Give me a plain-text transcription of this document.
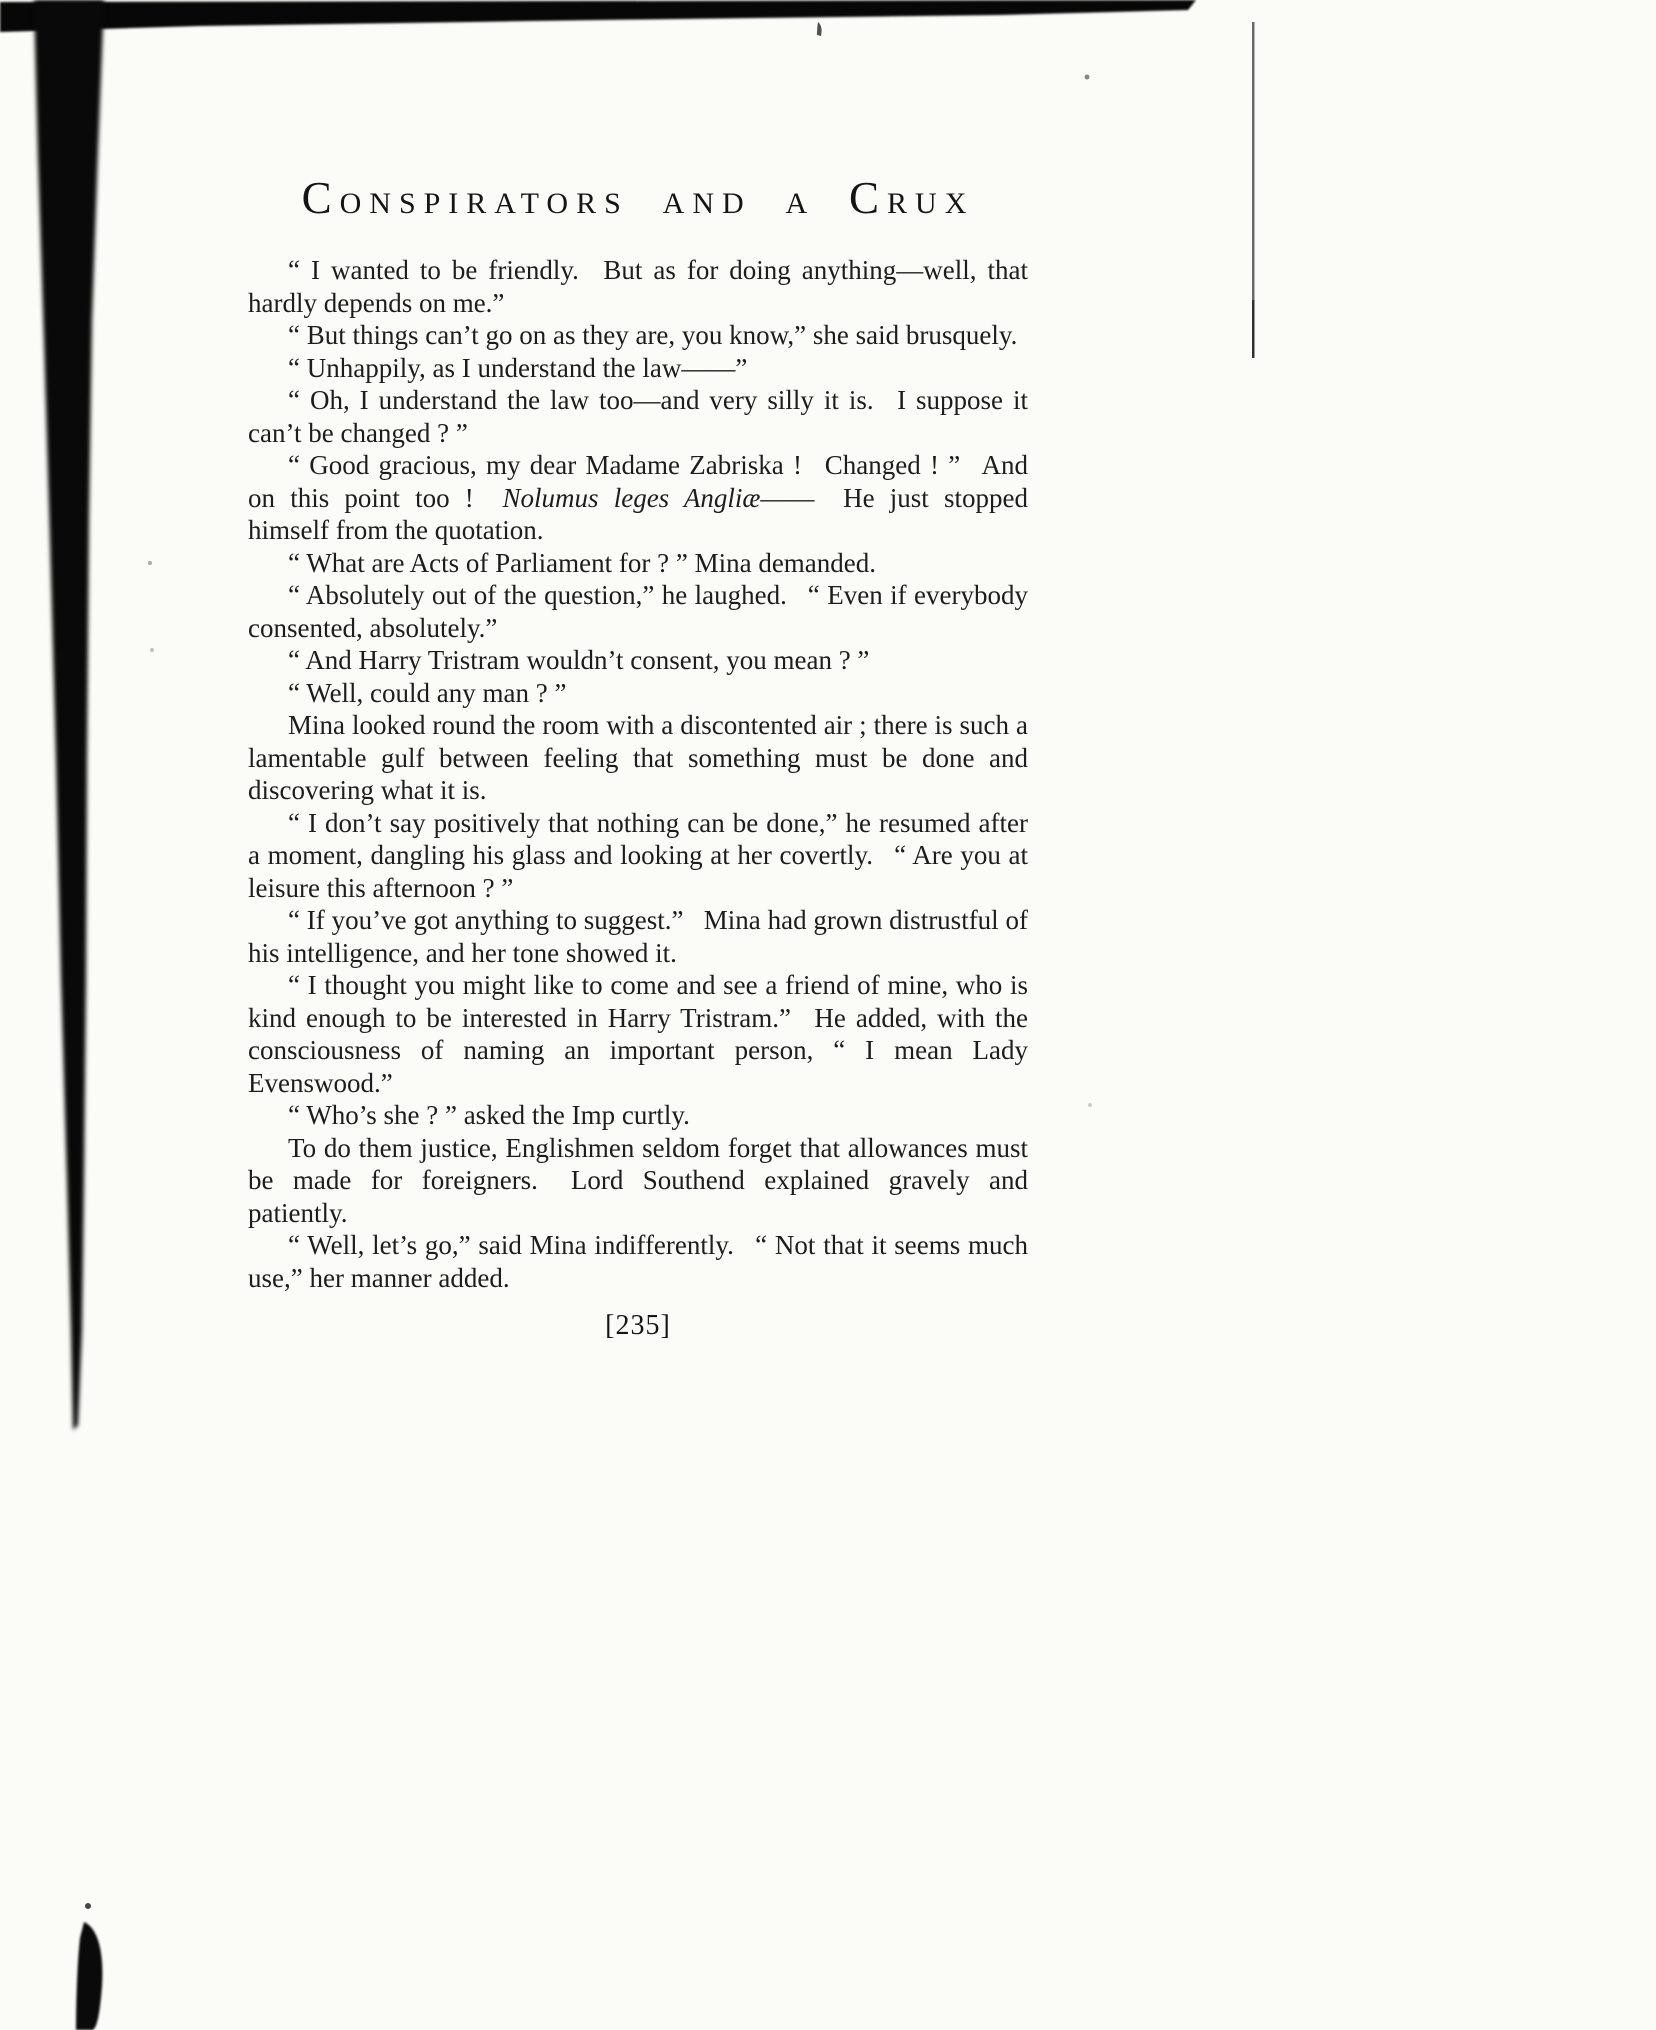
CONSPIRATORS AND A CRUX

“ I wanted to be friendly.  But as for doing anything—well, that hardly depends on me.”

“ But things can’t go on as they are, you know,” she said brusquely.

“ Unhappily, as I understand the law——”

“ Oh, I understand the law too—and very silly it is.  I suppose it can’t be changed ? ”

“ Good gracious, my dear Madame Zabriska !  Changed ! ”  And on this point too !  Nolumus leges Angliæ——  He just stopped himself from the quotation.

“ What are Acts of Parliament for ? ” Mina demanded.

“ Absolutely out of the question,” he laughed.  “ Even if everybody consented, absolutely.”

“ And Harry Tristram wouldn’t consent, you mean ? ”

“ Well, could any man ? ”

Mina looked round the room with a discontented air ; there is such a lamentable gulf between feeling that something must be done and discovering what it is.

“ I don’t say positively that nothing can be done,” he resumed after a moment, dangling his glass and looking at her covertly.  “ Are you at leisure this afternoon ? ”

“ If you’ve got anything to suggest.”  Mina had grown distrustful of his intelligence, and her tone showed it.

“ I thought you might like to come and see a friend of mine, who is kind enough to be interested in Harry Tristram.”  He added, with the consciousness of naming an important person, “ I mean Lady Evenswood.”

“ Who’s she ? ” asked the Imp curtly.

To do them justice, Englishmen seldom forget that allowances must be made for foreigners.  Lord Southend explained gravely and patiently.

“ Well, let’s go,” said Mina indifferently.  “ Not that it seems much use,” her manner added.

[235]
